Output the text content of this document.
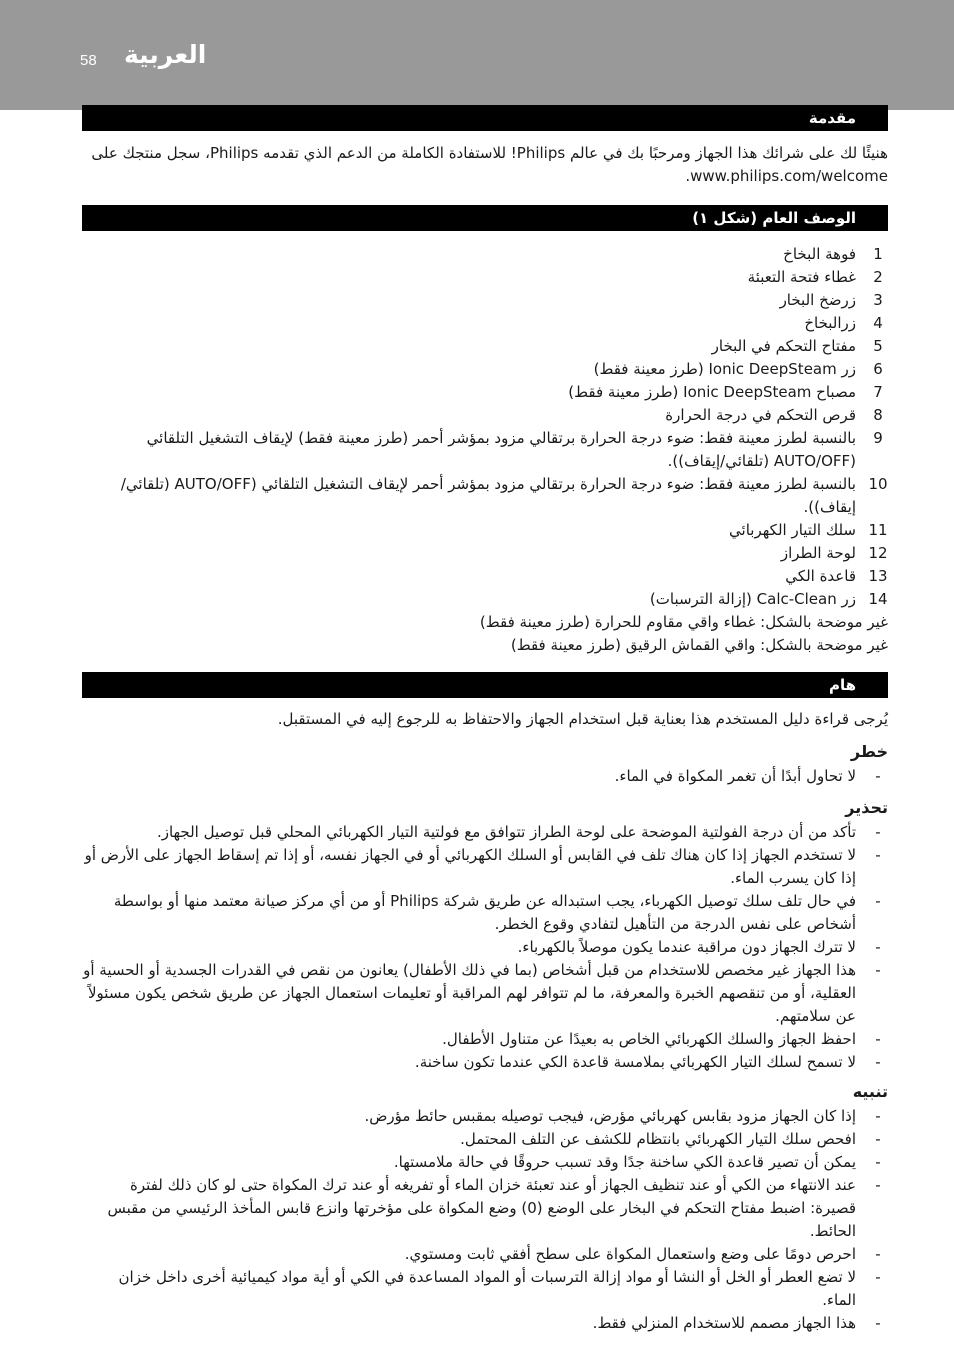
58 العربية
مقدمة
هنيئًا لك على شرائك هذا الجهاز ومرحبًا بك في عالم Philips! للاستفادة الكاملة من الدعم الذي تقدمه Philips، سجل منتجك على www.philips.com/welcome.
الوصف العام (شكل ١)
1
فوهة البخاخ
2
غطاء فتحة التعبئة
3
زرضخ البخار
4
زرالبخاخ
5
مفتاح التحكم في البخار
6
زر Ionic DeepSteam (طرز معينة فقط)
7
مصباح Ionic DeepSteam (طرز معينة فقط)
8
قرص التحكم في درجة الحرارة
9
بالنسبة لطرز معينة فقط: ضوء درجة الحرارة برتقالي مزود بمؤشر أحمر (طرز معينة فقط) لإيقاف التشغيل التلقائي (AUTO/OFF (تلقائي/إيقاف)).
10
بالنسبة لطرز معينة فقط: ضوء درجة الحرارة برتقالي مزود بمؤشر أحمر لإيقاف التشغيل التلقائي (AUTO/OFF (تلقائي/إيقاف)).
11
سلك التيار الكهربائي
12
لوحة الطراز
13
قاعدة الكي
14
زر Calc-Clean (إزالة الترسبات)
غير موضحة بالشكل: غطاء واقي مقاوم للحرارة (طرز معينة فقط)
غير موضحة بالشكل: واقي القماش الرقيق (طرز معينة فقط)
هام
يُرجى قراءة دليل المستخدم هذا بعناية قبل استخدام الجهاز والاحتفاظ به للرجوع إليه في المستقبل.
خطر
-
لا تحاول أبدًا أن تغمر المكواة في الماء.
تحذير
-
تأكد من أن درجة الفولتية الموضحة على لوحة الطراز تتوافق مع فولتية التيار الكهربائي المحلي قبل توصيل الجهاز.
-
لا تستخدم الجهاز إذا كان هناك تلف في القابس أو السلك الكهربائي أو في الجهاز نفسه، أو إذا تم إسقاط الجهاز على الأرض أو إذا كان يسرب الماء.
-
في حال تلف سلك توصيل الكهرباء، يجب استبداله عن طريق شركة Philips أو من أي مركز صيانة معتمد منها أو بواسطة أشخاص على نفس الدرجة من التأهيل لتفادي وقوع الخطر.
-
لا تترك الجهاز دون مراقبة عندما يكون موصلاً بالكهرباء.
-
هذا الجهاز غير مخصص للاستخدام من قبل أشخاص (بما في ذلك الأطفال) يعانون من نقص في القدرات الجسدية أو الحسية أو العقلية، أو من تنقصهم الخبرة والمعرفة، ما لم تتوافر لهم المراقبة أو تعليمات استعمال الجهاز عن طريق شخص يكون مسئولاً عن سلامتهم.
-
احفظ الجهاز والسلك الكهربائي الخاص به بعيدًا عن متناول الأطفال.
-
لا تسمح لسلك التيار الكهربائي بملامسة قاعدة الكي عندما تكون ساخنة.
تنبيه
-
إذا كان الجهاز مزود بقابس كهربائي مؤرض، فيجب توصيله بمقبس حائط مؤرض.
-
افحص سلك التيار الكهربائي بانتظام للكشف عن التلف المحتمل.
-
يمكن أن تصير قاعدة الكي ساخنة جدًا وقد تسبب حروقًا في حالة ملامستها.
-
عند الانتهاء من الكي أو عند تنظيف الجهاز أو عند تعبئة خزان الماء أو تفريغه أو عند ترك المكواة حتى لو كان ذلك لفترة قصيرة: اضبط مفتاح التحكم في البخار على الوضع (0) وضع المكواة على مؤخرتها وانزع قابس المأخذ الرئيسي من مقبس الحائط.
-
احرص دومًا على وضع واستعمال المكواة على سطح أفقي ثابت ومستوي.
-
لا تضع العطر أو الخل أو النشا أو مواد إزالة الترسبات أو المواد المساعدة في الكي أو أية مواد كيميائية أخرى داخل خزان الماء.
-
هذا الجهاز مصمم للاستخدام المنزلي فقط.
